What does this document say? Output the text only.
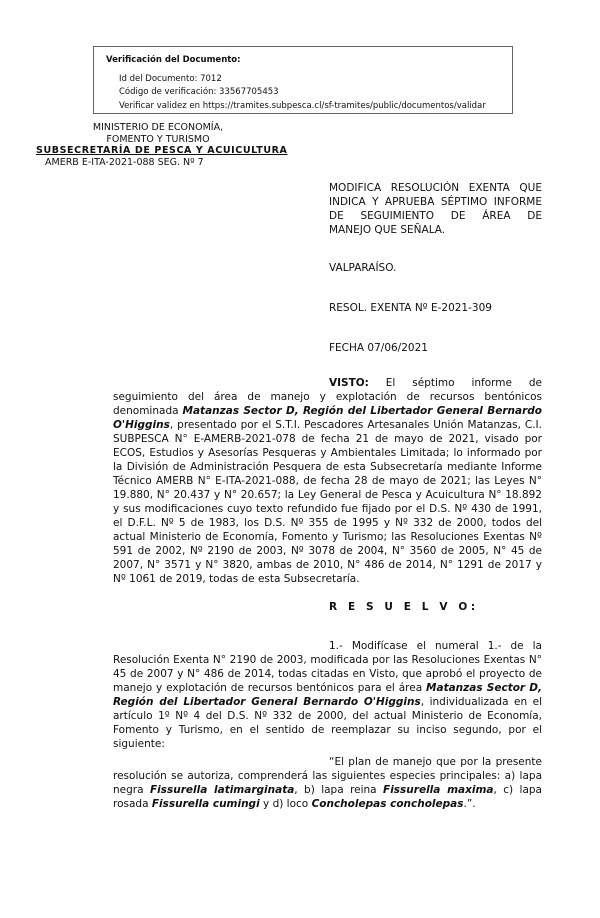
Verificación del Documento:
• Id del Documento: 7012
• Código de verificación: 33567705453
• Verificar validez en https://tramites.subpesca.cl/sf-tramites/public/documentos/validar
MINISTERIO DE ECONOMÍA,
FOMENTO Y TURISMO
SUBSECRETARÍA DE PESCA Y ACUICULTURA
AMERB E-ITA-2021-088 SEG. Nº 7
MODIFICA RESOLUCIÓN EXENTA QUE
INDICA Y APRUEBA SÉPTIMO INFORME
DE SEGUIMIENTO DE ÁREA DE
MANEJO QUE SEÑALA.
VALPARAÍSO.
RESOL. EXENTA Nº E-2021-309
FECHA 07/06/2021
VISTO: El séptimo informe de seguimiento del área de manejo y explotación de recursos bentónicos denominada Matanzas Sector D, Región del Libertador General Bernardo O'Higgins, presentado por el S.T.I. Pescadores Artesanales Unión Matanzas, C.I. SUBPESCA N° E-AMERB-2021-078 de fecha 21 de mayo de 2021, visado por ECOS, Estudios y Asesorías Pesqueras y Ambientales Limitada; lo informado por la División de Administración Pesquera de esta Subsecretaría mediante Informe Técnico AMERB N° E-ITA-2021-088, de fecha 28 de mayo de 2021; las Leyes N° 19.880, N° 20.437 y N° 20.657; la Ley General de Pesca y Acuicultura N° 18.892 y sus modificaciones cuyo texto refundido fue fijado por el D.S. Nº 430 de 1991, el D.F.L. Nº 5 de 1983, los D.S. Nº 355 de 1995 y Nº 332 de 2000, todos del actual Ministerio de Economía, Fomento y Turismo; las Resoluciones Exentas Nº 591 de 2002, Nº 2190 de 2003, Nº 3078 de 2004, N° 3560 de 2005, N° 45 de 2007, N° 3571 y N° 3820, ambas de 2010, N° 486 de 2014, N° 1291 de 2017 y Nº 1061 de 2019, todas de esta Subsecretaría.
R E S U E L V O:
1.- Modifícase el numeral 1.- de la Resolución Exenta N° 2190 de 2003, modificada por las Resoluciones Exentas N° 45 de 2007 y N° 486 de 2014, todas citadas en Visto, que aprobó el proyecto de manejo y explotación de recursos bentónicos para el área Matanzas Sector D, Región del Libertador General Bernardo O'Higgins, individualizada en el artículo 1º Nº 4 del D.S. Nº 332 de 2000, del actual Ministerio de Economía, Fomento y Turismo, en el sentido de reemplazar su inciso segundo, por el siguiente:
“El plan de manejo que por la presente resolución se autoriza, comprenderá las siguientes especies principales: a) lapa negra Fissurella latimarginata, b) lapa reina Fissurella maxima, c) lapa rosada Fissurella cumingi y d) loco Concholepas concholepas.”.
